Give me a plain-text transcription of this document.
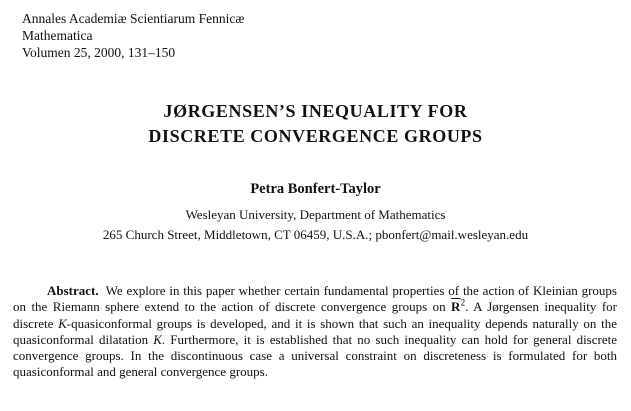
Annales Academiæ Scientiarum Fennicæ
Mathematica
Volumen 25, 2000, 131–150
JØRGENSEN’S INEQUALITY FOR
DISCRETE CONVERGENCE GROUPS
Petra Bonfert-Taylor
Wesleyan University, Department of Mathematics
265 Church Street, Middletown, CT 06459, U.S.A.; pbonfert@mail.wesleyan.edu

Abstract. We explore in this paper whether certain fundamental properties of the action of Kleinian groups on the Riemann sphere extend to the action of discrete convergence groups on $\overline{R}^2$. A Jørgensen inequality for discrete K-quasiconformal groups is developed, and it is shown that such an inequality depends naturally on the quasiconformal dilatation K. Furthermore, it is established that no such inequality can hold for general discrete convergence groups. In the discontinuous case a universal constraint on discreteness is formulated for both quasiconformal and general convergence groups.
